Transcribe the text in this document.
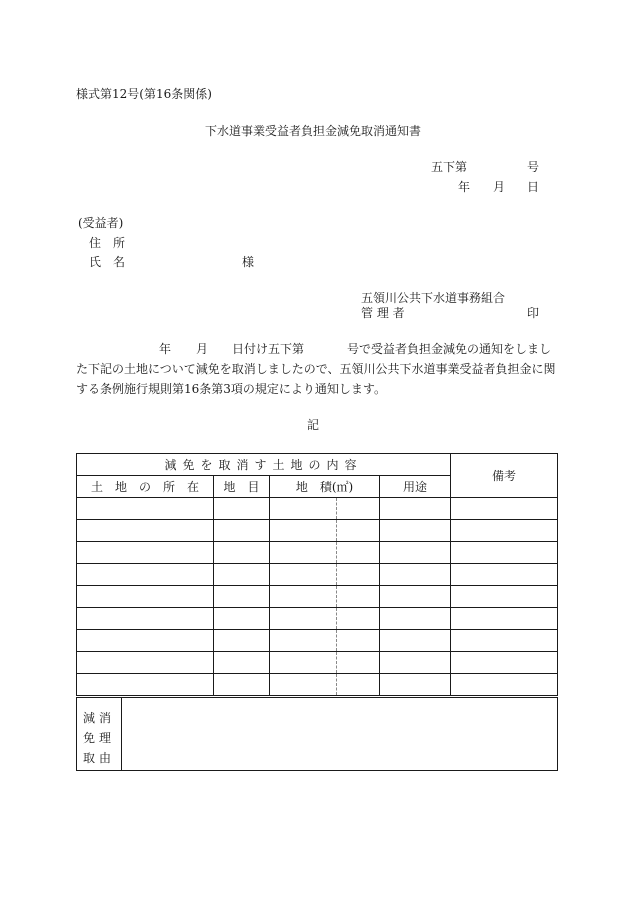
様式第12号(第16条関係)
下水道事業受益者負担金減免取消通知書
五下第	号
年 月 日
(受益者)
住　所
氏　名	様
五領川公共下水道事務組合
管 理 者	印
年 月 日付け五下第	号で受益者負担金減免の通知をしまし
た下記の土地について減免を取消しましたので、五領川公共下水道事業受益者負担金に関
する条例施行規則第16条第3項の規定により通知します。
記
減免を取消す土地の内容					備考
土　地　の　所　在	地　目	地　積(㎡)		用途	

減消
免理
取由
